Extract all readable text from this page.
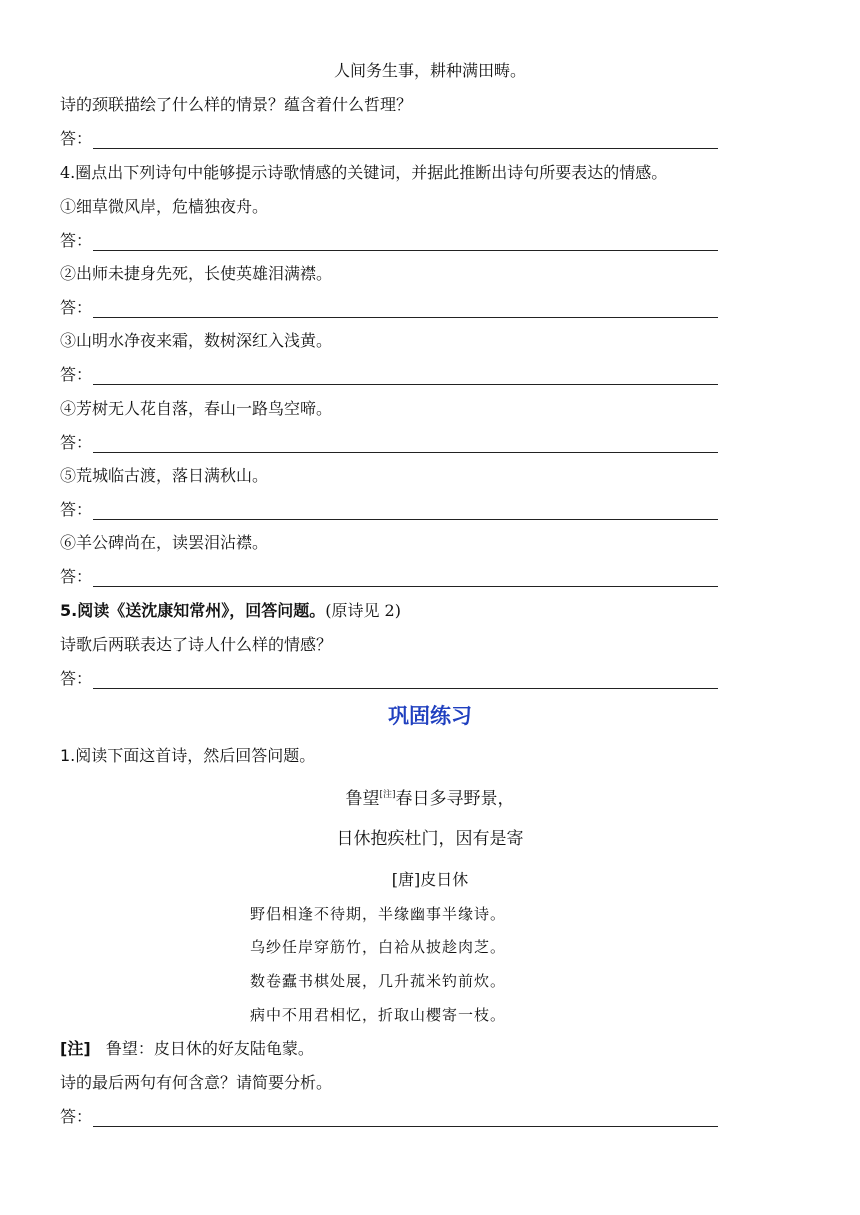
人间务生事，耕种满田畴。
诗的颈联描绘了什么样的情景？蕴含着什么哲理？
答：
4.圈点出下列诗句中能够提示诗歌情感的关键词，并据此推断出诗句所要表达的情感。
①细草微风岸，危樯独夜舟。
答：
②出师未捷身先死，长使英雄泪满襟。
答：
③山明水净夜来霜，数树深红入浅黄。
答：
④芳树无人花自落，春山一路鸟空啼。
答：
⑤荒城临古渡，落日满秋山。
答：
⑥羊公碑尚在，读罢泪沾襟。
答：
5.阅读《送沈康知常州》，回答问题。(原诗见 2)
诗歌后两联表达了诗人什么样的情感？
答：
巩固练习
1.阅读下面这首诗，然后回答问题。
鲁望[注]春日多寻野景，
日休抱疾杜门，因有是寄
[唐]皮日休
野侣相逢不待期，半缘幽事半缘诗。
乌纱任岸穿筋竹，白袷从披趁肉芝。
数卷蠹书棋处展，几升菰米钓前炊。
病中不用君相忆，折取山樱寄一枝。
[注] 鲁望：皮日休的好友陆龟蒙。
诗的最后两句有何含意？请简要分析。
答：
